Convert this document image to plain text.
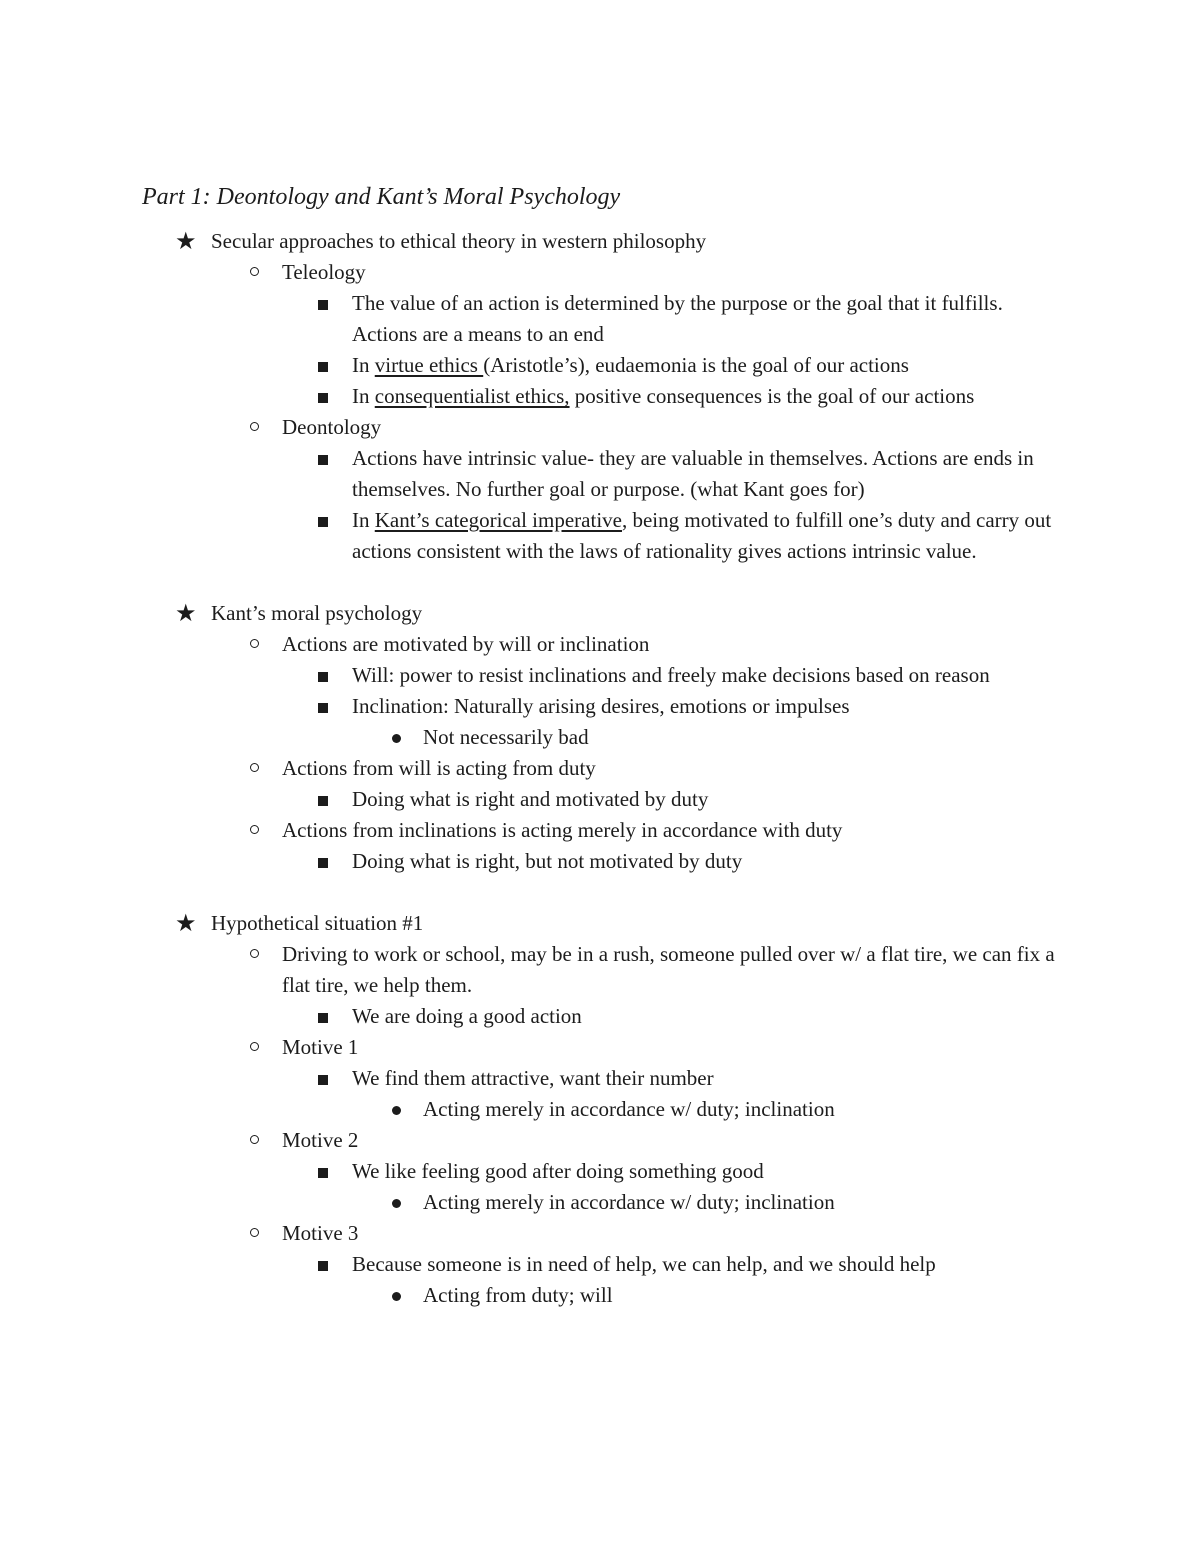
Part 1: Deontology and Kant’s Moral Psychology
★ Secular approaches to ethical theory in western philosophy
Teleology
The value of an action is determined by the purpose or the goal that it fulfills. Actions are a means to an end
In virtue ethics (Aristotle’s), eudaemonia is the goal of our actions
In consequentialist ethics, positive consequences is the goal of our actions
Deontology
Actions have intrinsic value- they are valuable in themselves. Actions are ends in themselves. No further goal or purpose. (what Kant goes for)
In Kant’s categorical imperative, being motivated to fulfill one’s duty and carry out actions consistent with the laws of rationality gives actions intrinsic value.
★ Kant’s moral psychology
Actions are motivated by will or inclination
Will: power to resist inclinations and freely make decisions based on reason
Inclination: Naturally arising desires, emotions or impulses
Not necessarily bad
Actions from will is acting from duty
Doing what is right and motivated by duty
Actions from inclinations is acting merely in accordance with duty
Doing what is right, but not motivated by duty
★ Hypothetical situation #1
Driving to work or school, may be in a rush, someone pulled over w/ a flat tire, we can fix a flat tire, we help them.
We are doing a good action
Motive 1
We find them attractive, want their number
Acting merely in accordance w/ duty; inclination
Motive 2
We like feeling good after doing something good
Acting merely in accordance w/ duty; inclination
Motive 3
Because someone is in need of help, we can help, and we should help
Acting from duty; will
